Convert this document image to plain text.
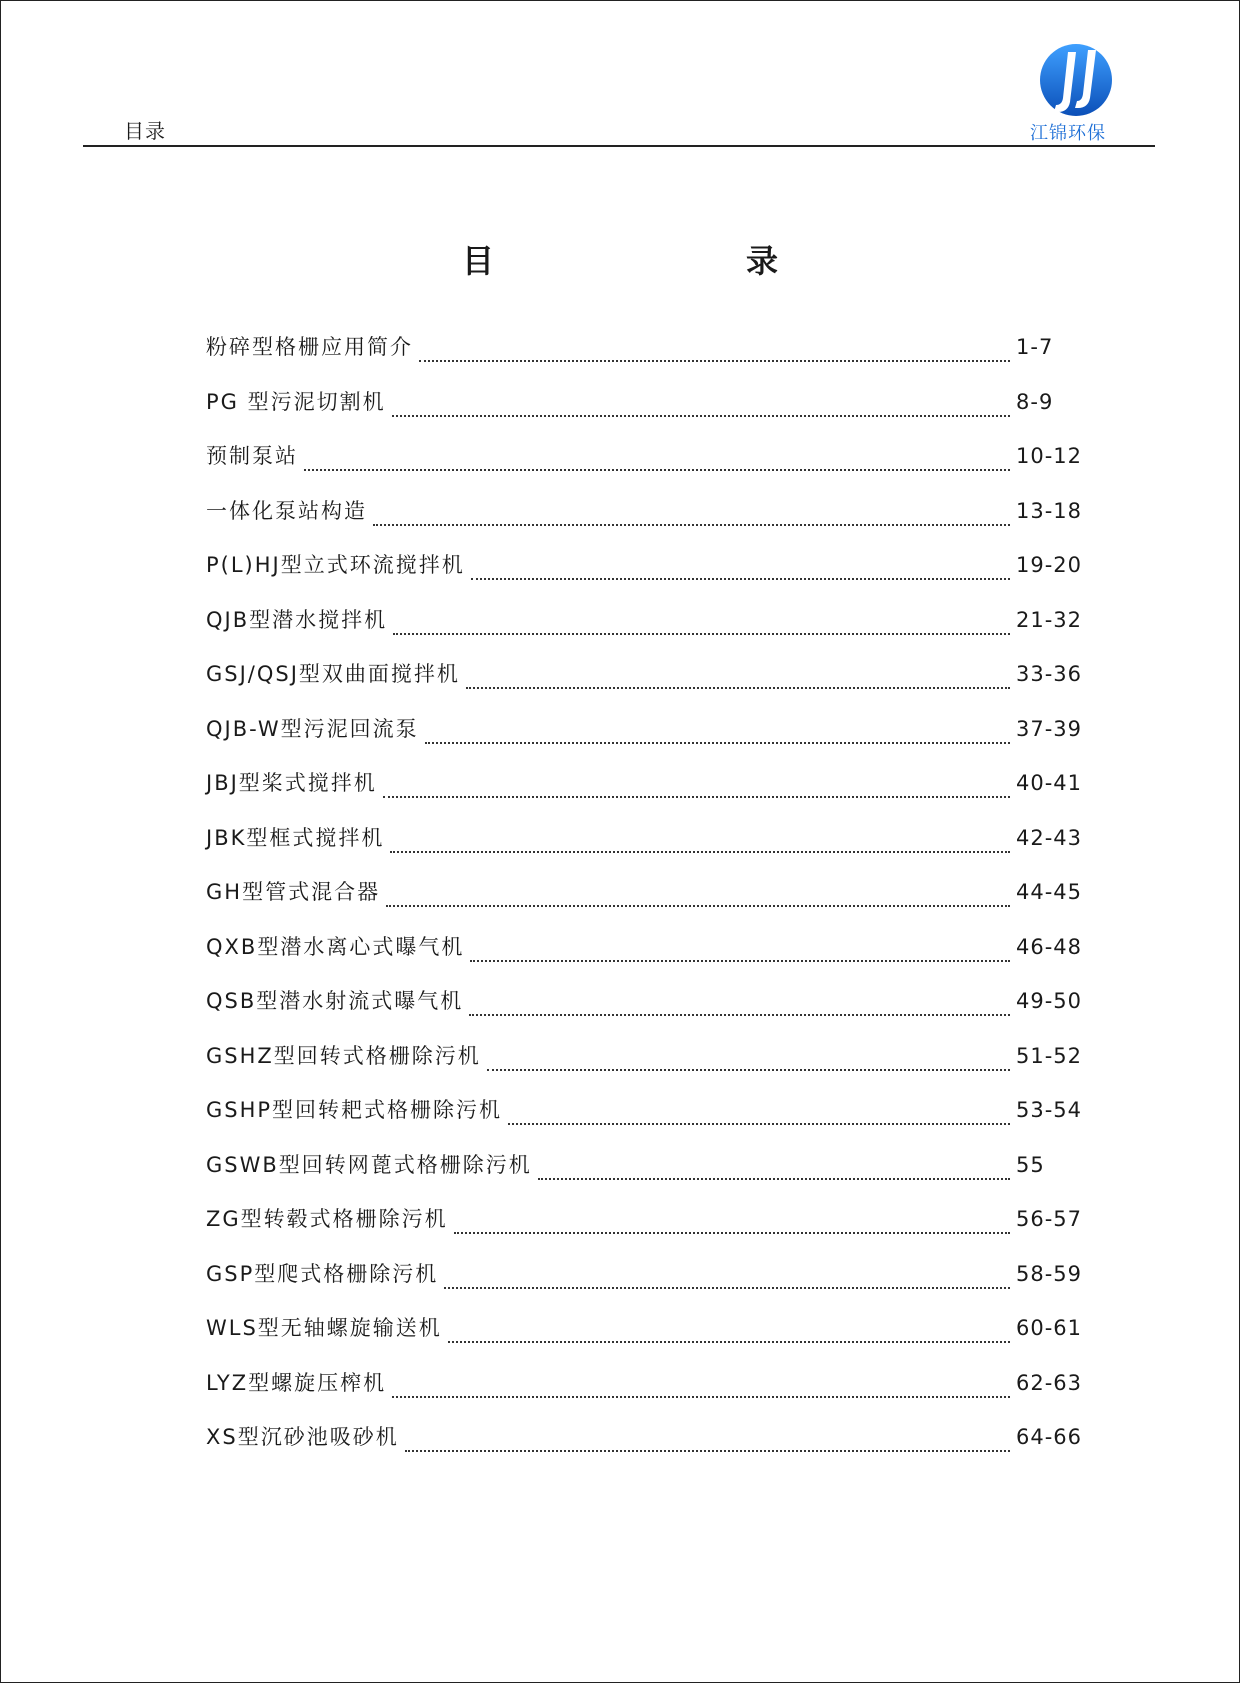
目录	江锦环保
目　录
粉碎型格栅应用简介	1-7
PG 型污泥切割机	8-9
预制泵站	10-12
一体化泵站构造	13-18
P(L)HJ型立式环流搅拌机	19-20
QJB型潜水搅拌机	21-32
GSJ/QSJ型双曲面搅拌机	33-36
QJB-W型污泥回流泵	37-39
JBJ型桨式搅拌机	40-41
JBK型框式搅拌机	42-43
GH型管式混合器	44-45
QXB型潜水离心式曝气机	46-48
QSB型潜水射流式曝气机	49-50
GSHZ型回转式格栅除污机	51-52
GSHP型回转耙式格栅除污机	53-54
GSWB型回转网蓖式格栅除污机	55
ZG型转毂式格栅除污机	56-57
GSP型爬式格栅除污机	58-59
WLS型无轴螺旋输送机	60-61
LYZ型螺旋压榨机	62-63
XS型沉砂池吸砂机	64-66
